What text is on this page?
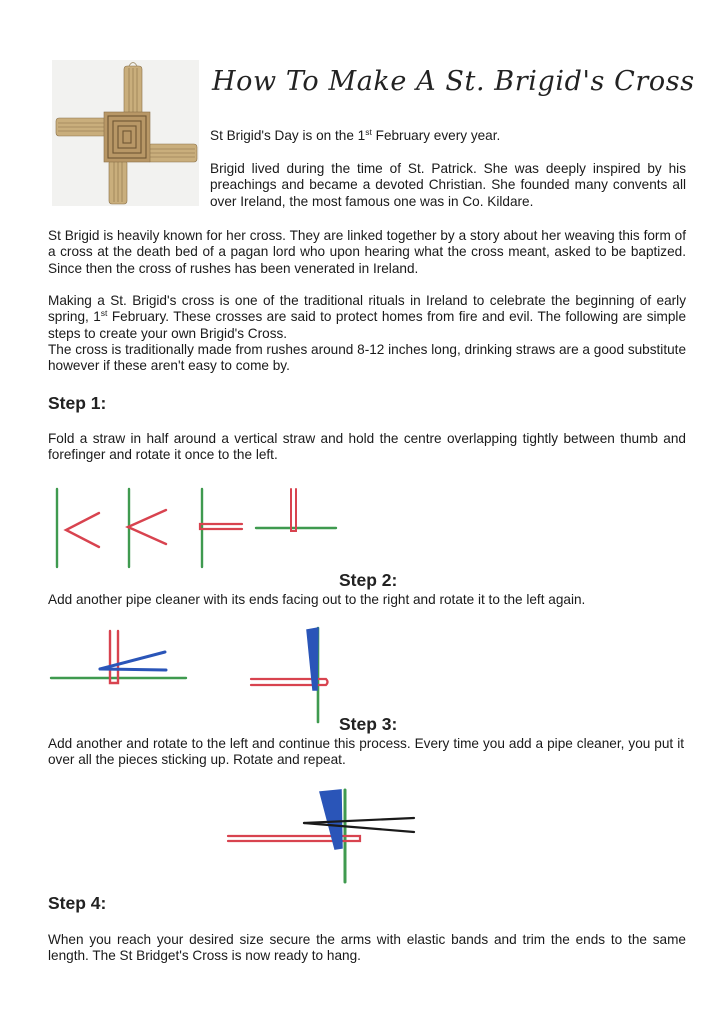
How To Make A St. Brigid's Cross

St Brigid's Day is on the 1st February every year.

Brigid lived during the time of St. Patrick. She was deeply inspired by his preachings and became a devoted Christian. She founded many convents all over Ireland, the most famous one was in Co. Kildare.

St Brigid is heavily known for her cross. They are linked together by a story about her weaving this form of a cross at the death bed of a pagan lord who upon hearing what the cross meant, asked to be baptized. Since then the cross of rushes has been venerated in Ireland.

Making a St. Brigid's cross is one of the traditional rituals in Ireland to celebrate the beginning of early spring, 1st February. These crosses are said to protect homes from fire and evil. The following are simple steps to create your own Brigid's Cross.

The cross is traditionally made from rushes around 8-12 inches long, drinking straws are a good substitute however if these aren't easy to come by.

Step 1:

Fold a straw in half around a vertical straw and hold the centre overlapping tightly between thumb and forefinger and rotate it once to the left.

Step 2:

Add another pipe cleaner with its ends facing out to the right and rotate it to the left again.

Step 3:

Add another and rotate to the left and continue this process. Every time you add a pipe cleaner, you put it over all the pieces sticking up. Rotate and repeat.

Step 4:

When you reach your desired size secure the arms with elastic bands and trim the ends to the same length. The St Bridget's Cross is now ready to hang.
